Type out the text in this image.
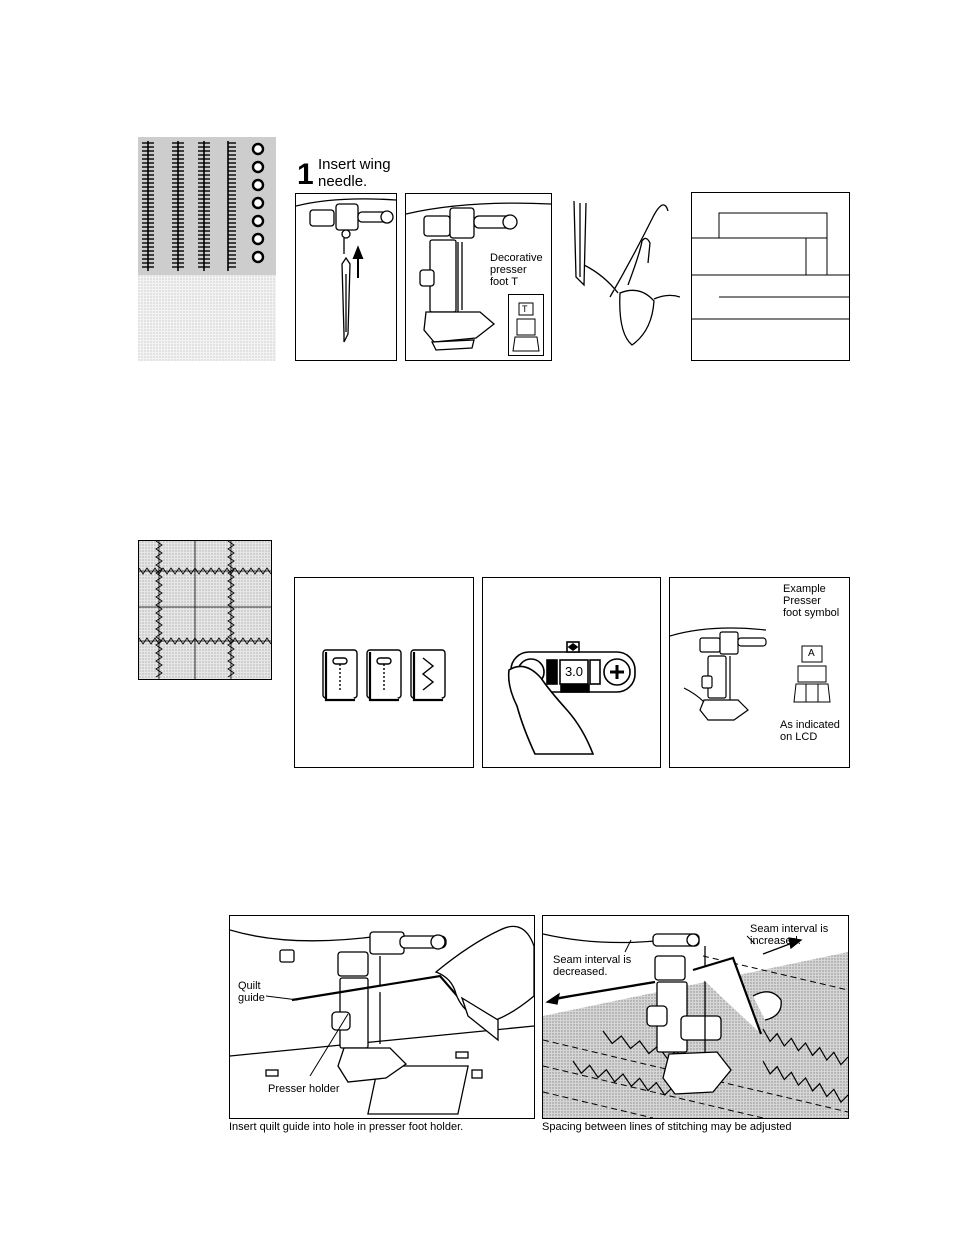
1 Insert wing
needle.
Decorative
presser
foot T
T
3.0
Example
Presser
foot symbol
A
As indicated
on LCD
Quilt
guide
Presser holder
Insert quilt guide into hole in presser foot holder.
Seam interval is
increased.
Seam interval is
decreased.
Spacing between lines of stitching may be adjusted
